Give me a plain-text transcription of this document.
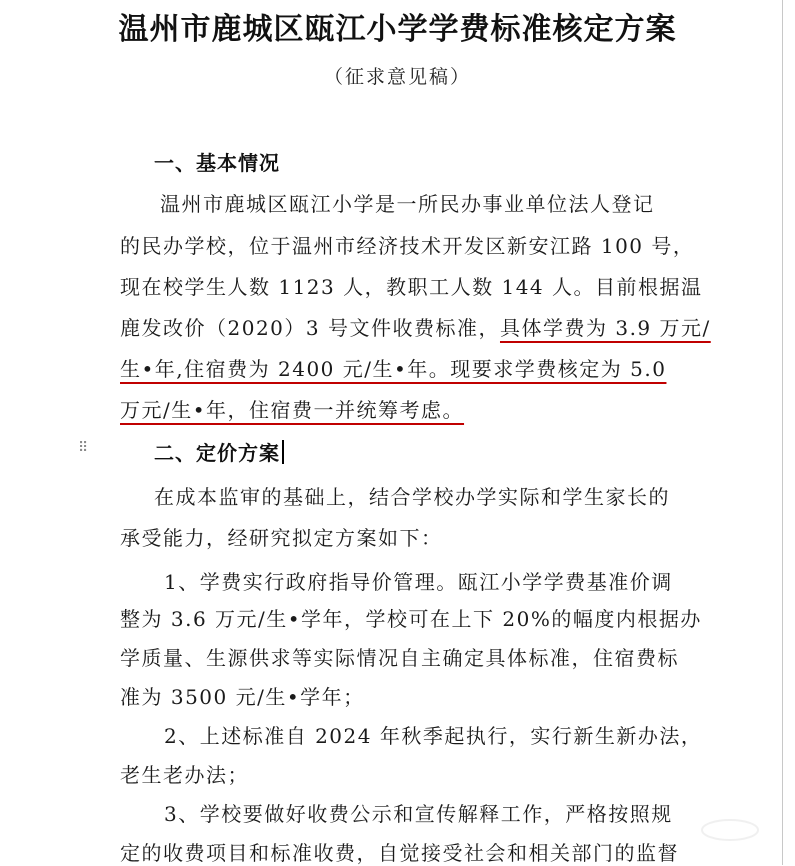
温州市鹿城区瓯江小学学费标准核定方案
（征求意见稿）
一、基本情况
温州市鹿城区瓯江小学是一所民办事业单位法人登记
的民办学校，位于温州市经济技术开发区新安江路 100 号，
现在校学生人数 1123 人，教职工人数 144 人。目前根据温
鹿发改价（2020）3 号文件收费标准，具体学费为 3.9 万元/
生•年,住宿费为 2400 元/生•年。现要求学费核定为 5.0
万元/生•年，住宿费一并统筹考虑。
⠿	二、定价方案
在成本监审的基础上，结合学校办学实际和学生家长的
承受能力，经研究拟定方案如下：
1、学费实行政府指导价管理。瓯江小学学费基准价调
整为 3.6 万元/生•学年，学校可在上下 20%的幅度内根据办
学质量、生源供求等实际情况自主确定具体标准，住宿费标
准为 3500 元/生•学年；
2、上述标准自 2024 年秋季起执行，实行新生新办法，
老生老办法；
3、学校要做好收费公示和宣传解释工作，严格按照规
定的收费项目和标准收费，自觉接受社会和相关部门的监督
